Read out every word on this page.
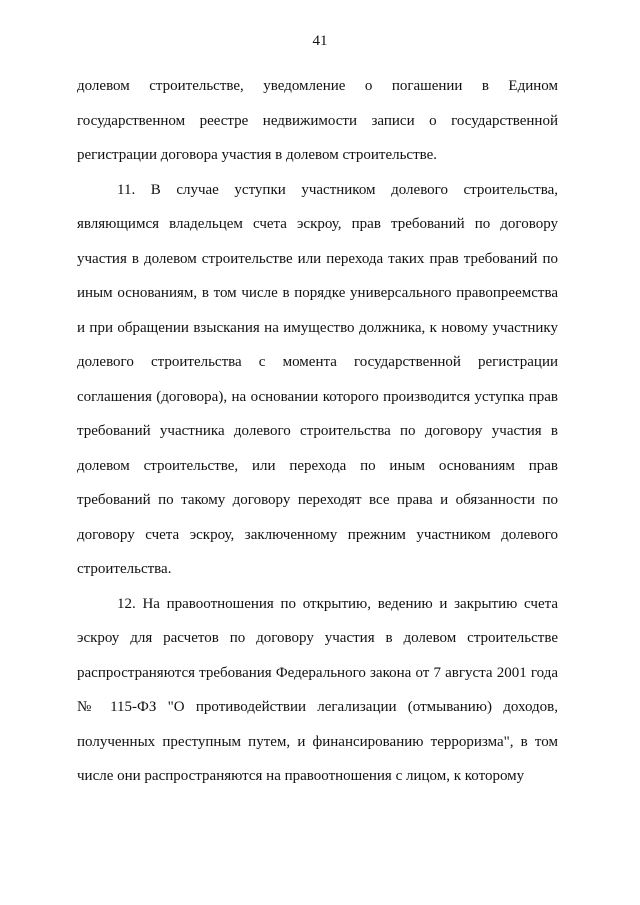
41

долевом строительстве, уведомление о погашении в Едином государственном реестре недвижимости записи о государственной регистрации договора участия в долевом строительстве.

11. В случае уступки участником долевого строительства, являющимся владельцем счета эскроу, прав требований по договору участия в долевом строительстве или перехода таких прав требований по иным основаниям, в том числе в порядке универсального правопреемства и при обращении взыскания на имущество должника, к новому участнику долевого строительства с момента государственной регистрации соглашения (договора), на основании которого производится уступка прав требований участника долевого строительства по договору участия в долевом строительстве, или перехода по иным основаниям прав требований по такому договору переходят все права и обязанности по договору счета эскроу, заключенному прежним участником долевого строительства.

12. На правоотношения по открытию, ведению и закрытию счета эскроу для расчетов по договору участия в долевом строительстве распространяются требования Федерального закона от 7 августа 2001 года № 115-ФЗ "О противодействии легализации (отмыванию) доходов, полученных преступным путем, и финансированию терроризма", в том числе они распространяются на правоотношения с лицом, к которому
